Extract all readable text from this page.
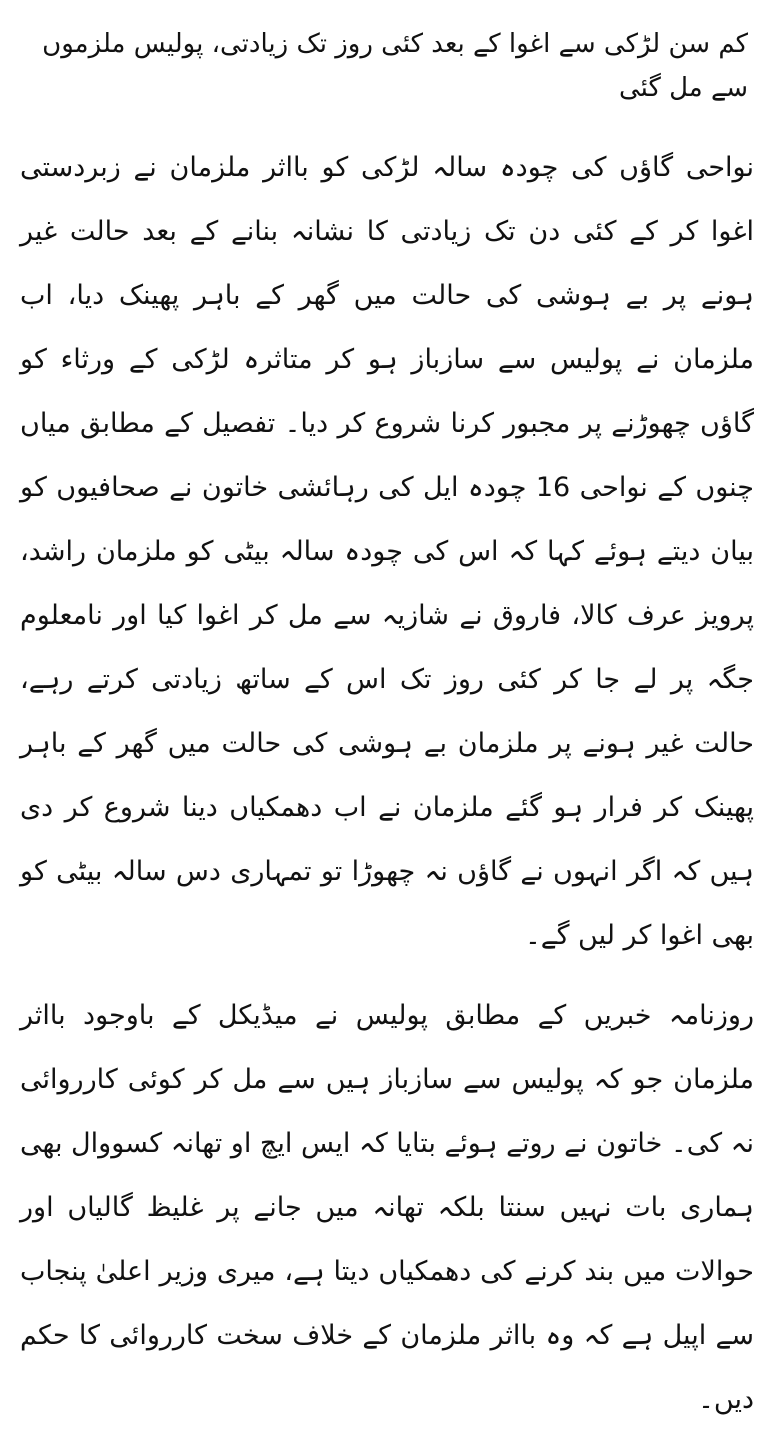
کم سن لڑکی سے اغوا کے بعد کئی روز تک زیادتی، پولیس ملزموں سے مل گئی

نواحی گاؤں کی چودہ سالہ لڑکی کو بااثر ملزمان نے زبردستی اغوا کر کے کئی دن تک زیادتی کا نشانہ بنانے کے بعد حالت غیر ہونے پر بے ہوشی کی حالت میں گھر کے باہر پھینک دیا، اب ملزمان نے پولیس سے سازباز ہو کر متاثرہ لڑکی کے ورثاء کو گاؤں چھوڑنے پر مجبور کرنا شروع کر دیا۔ تفصیل کے مطابق میاں چنوں کے نواحی 16 چودہ ایل کی رہائشی خاتون نے صحافیوں کو بیان دیتے ہوئے کہا کہ اس کی چودہ سالہ بیٹی کو ملزمان راشد، پرویز عرف کالا، فاروق نے شازیہ سے مل کر اغوا کیا اور نامعلوم جگہ پر لے جا کر کئی روز تک اس کے ساتھ زیادتی کرتے رہے، حالت غیر ہونے پر ملزمان بے ہوشی کی حالت میں گھر کے باہر پھینک کر فرار ہو گئے ملزمان نے اب دھمکیاں دینا شروع کر دی ہیں کہ اگر انہوں نے گاؤں نہ چھوڑا تو تمہاری دس سالہ بیٹی کو بھی اغوا کر لیں گے۔

روزنامہ خبریں کے مطابق پولیس نے میڈیکل کے باوجود بااثر ملزمان جو کہ پولیس سے سازباز ہیں سے مل کر کوئی کارروائی نہ کی۔ خاتون نے روتے ہوئے بتایا کہ ایس ایچ او تھانہ کسووال بھی ہماری بات نہیں سنتا بلکہ تھانہ میں جانے پر غلیظ گالیاں اور حوالات میں بند کرنے کی دھمکیاں دیتا ہے، میری وزیر اعلیٰ پنجاب سے اپیل ہے کہ وہ بااثر ملزمان کے خلاف سخت کارروائی کا حکم دیں۔
